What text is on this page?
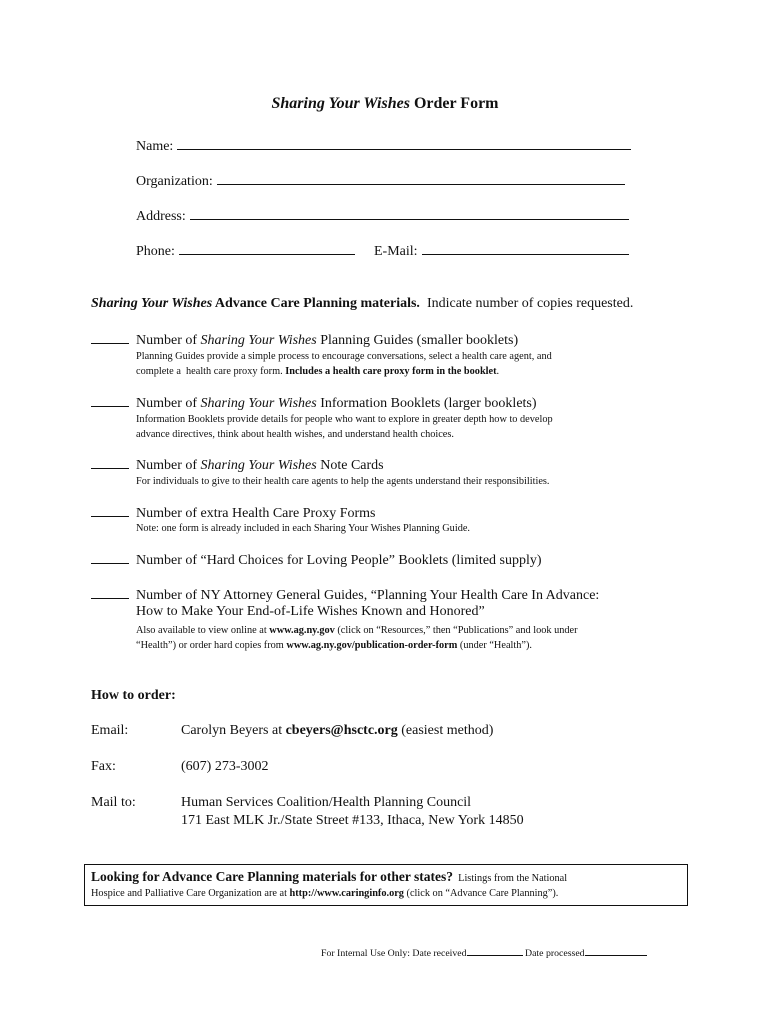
Sharing Your Wishes Order Form
Name:
Organization:
Address:
Phone:	E-Mail:
Sharing Your Wishes Advance Care Planning materials.  Indicate number of copies requested.
Number of Sharing Your Wishes Planning Guides (smaller booklets)
Planning Guides provide a simple process to encourage conversations, select a health care agent, and
complete a  health care proxy form. Includes a health care proxy form in the booklet.
Number of Sharing Your Wishes Information Booklets (larger booklets)
Information Booklets provide details for people who want to explore in greater depth how to develop
advance directives, think about health wishes, and understand health choices.
Number of Sharing Your Wishes Note Cards
For individuals to give to their health care agents to help the agents understand their responsibilities.
Number of extra Health Care Proxy Forms
Note: one form is already included in each Sharing Your Wishes Planning Guide.
Number of “Hard Choices for Loving People” Booklets (limited supply)
Number of NY Attorney General Guides, “Planning Your Health Care In Advance:
How to Make Your End-of-Life Wishes Known and Honored”
Also available to view online at www.ag.ny.gov (click on “Resources,” then “Publications” and look under
“Health”) or order hard copies from www.ag.ny.gov/publication-order-form (under “Health”).
How to order:
Email:	Carolyn Beyers at cbeyers@hsctc.org (easiest method)
Fax:	(607) 273-3002
Mail to:	Human Services Coalition/Health Planning Council
171 East MLK Jr./State Street #133, Ithaca, New York 14850
Looking for Advance Care Planning materials for other states?  Listings from the National
Hospice and Palliative Care Organization are at http://www.caringinfo.org (click on “Advance Care Planning”).
For Internal Use Only: Date received	Date processed
